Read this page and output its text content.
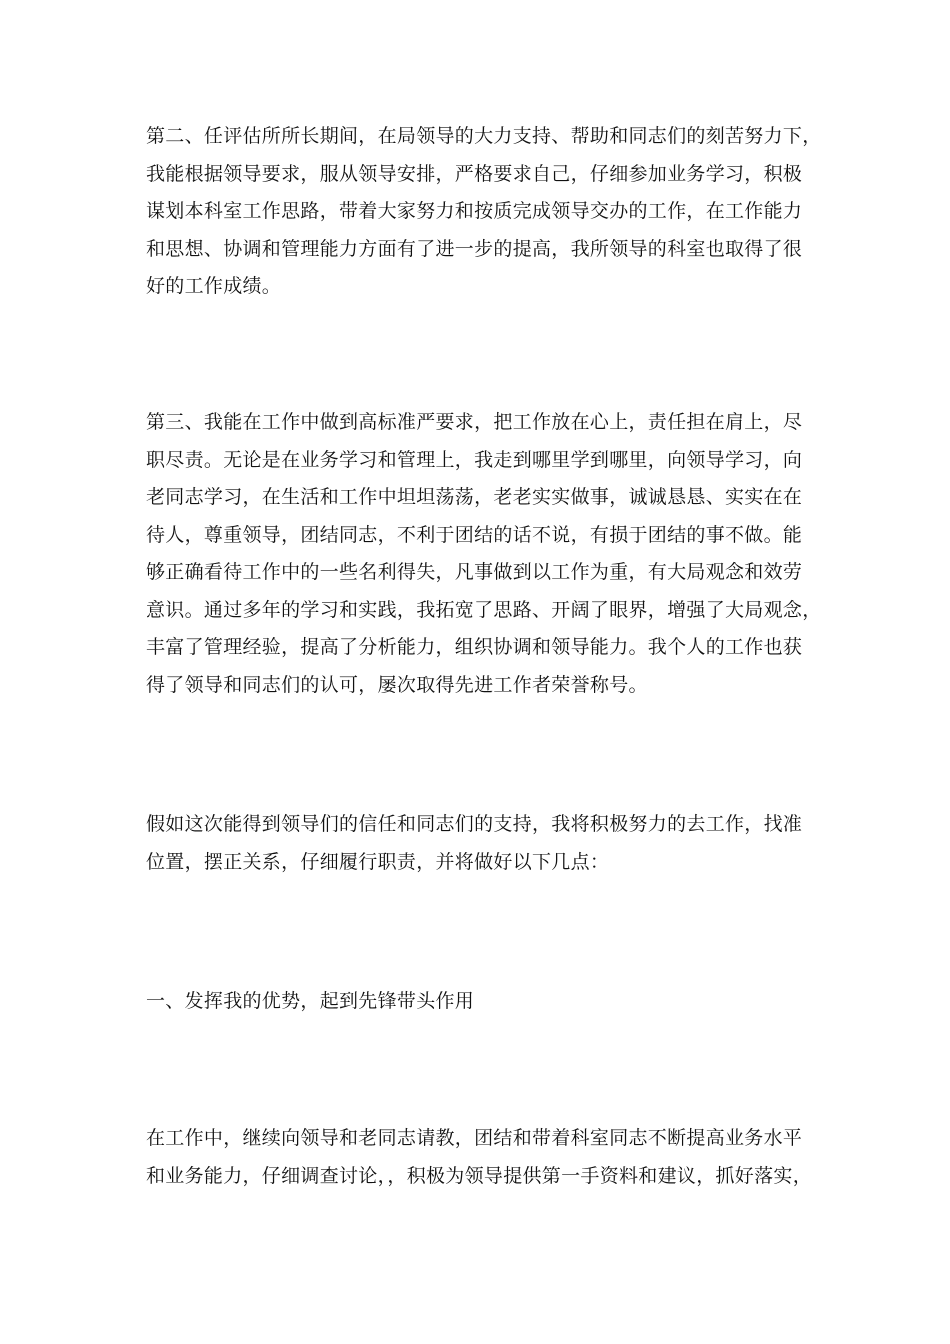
第二、任评估所所长期间，在局领导的大力支持、帮助和同志们的刻苦努力下，
我能根据领导要求，服从领导安排，严格要求自己，仔细参加业务学习，积极
谋划本科室工作思路，带着大家努力和按质完成领导交办的工作，在工作能力
和思想、协调和管理能力方面有了进一步的提高，我所领导的科室也取得了很
好的工作成绩。

第三、我能在工作中做到高标准严要求，把工作放在心上，责任担在肩上，尽
职尽责。无论是在业务学习和管理上，我走到哪里学到哪里，向领导学习，向
老同志学习，在生活和工作中坦坦荡荡，老老实实做事，诚诚恳恳、实实在在
待人，尊重领导，团结同志，不利于团结的话不说，有损于团结的事不做。能
够正确看待工作中的一些名利得失，凡事做到以工作为重，有大局观念和效劳
意识。通过多年的学习和实践，我拓宽了思路、开阔了眼界，增强了大局观念，
丰富了管理经验，提高了分析能力，组织协调和领导能力。我个人的工作也获
得了领导和同志们的认可，屡次取得先进工作者荣誉称号。

假如这次能得到领导们的信任和同志们的支持，我将积极努力的去工作，找准
位置，摆正关系，仔细履行职责，并将做好以下几点：

一、发挥我的优势，起到先锋带头作用

在工作中，继续向领导和老同志请教，团结和带着科室同志不断提高业务水平
和业务能力，仔细调查讨论，，积极为领导提供第一手资料和建议，抓好落实，
